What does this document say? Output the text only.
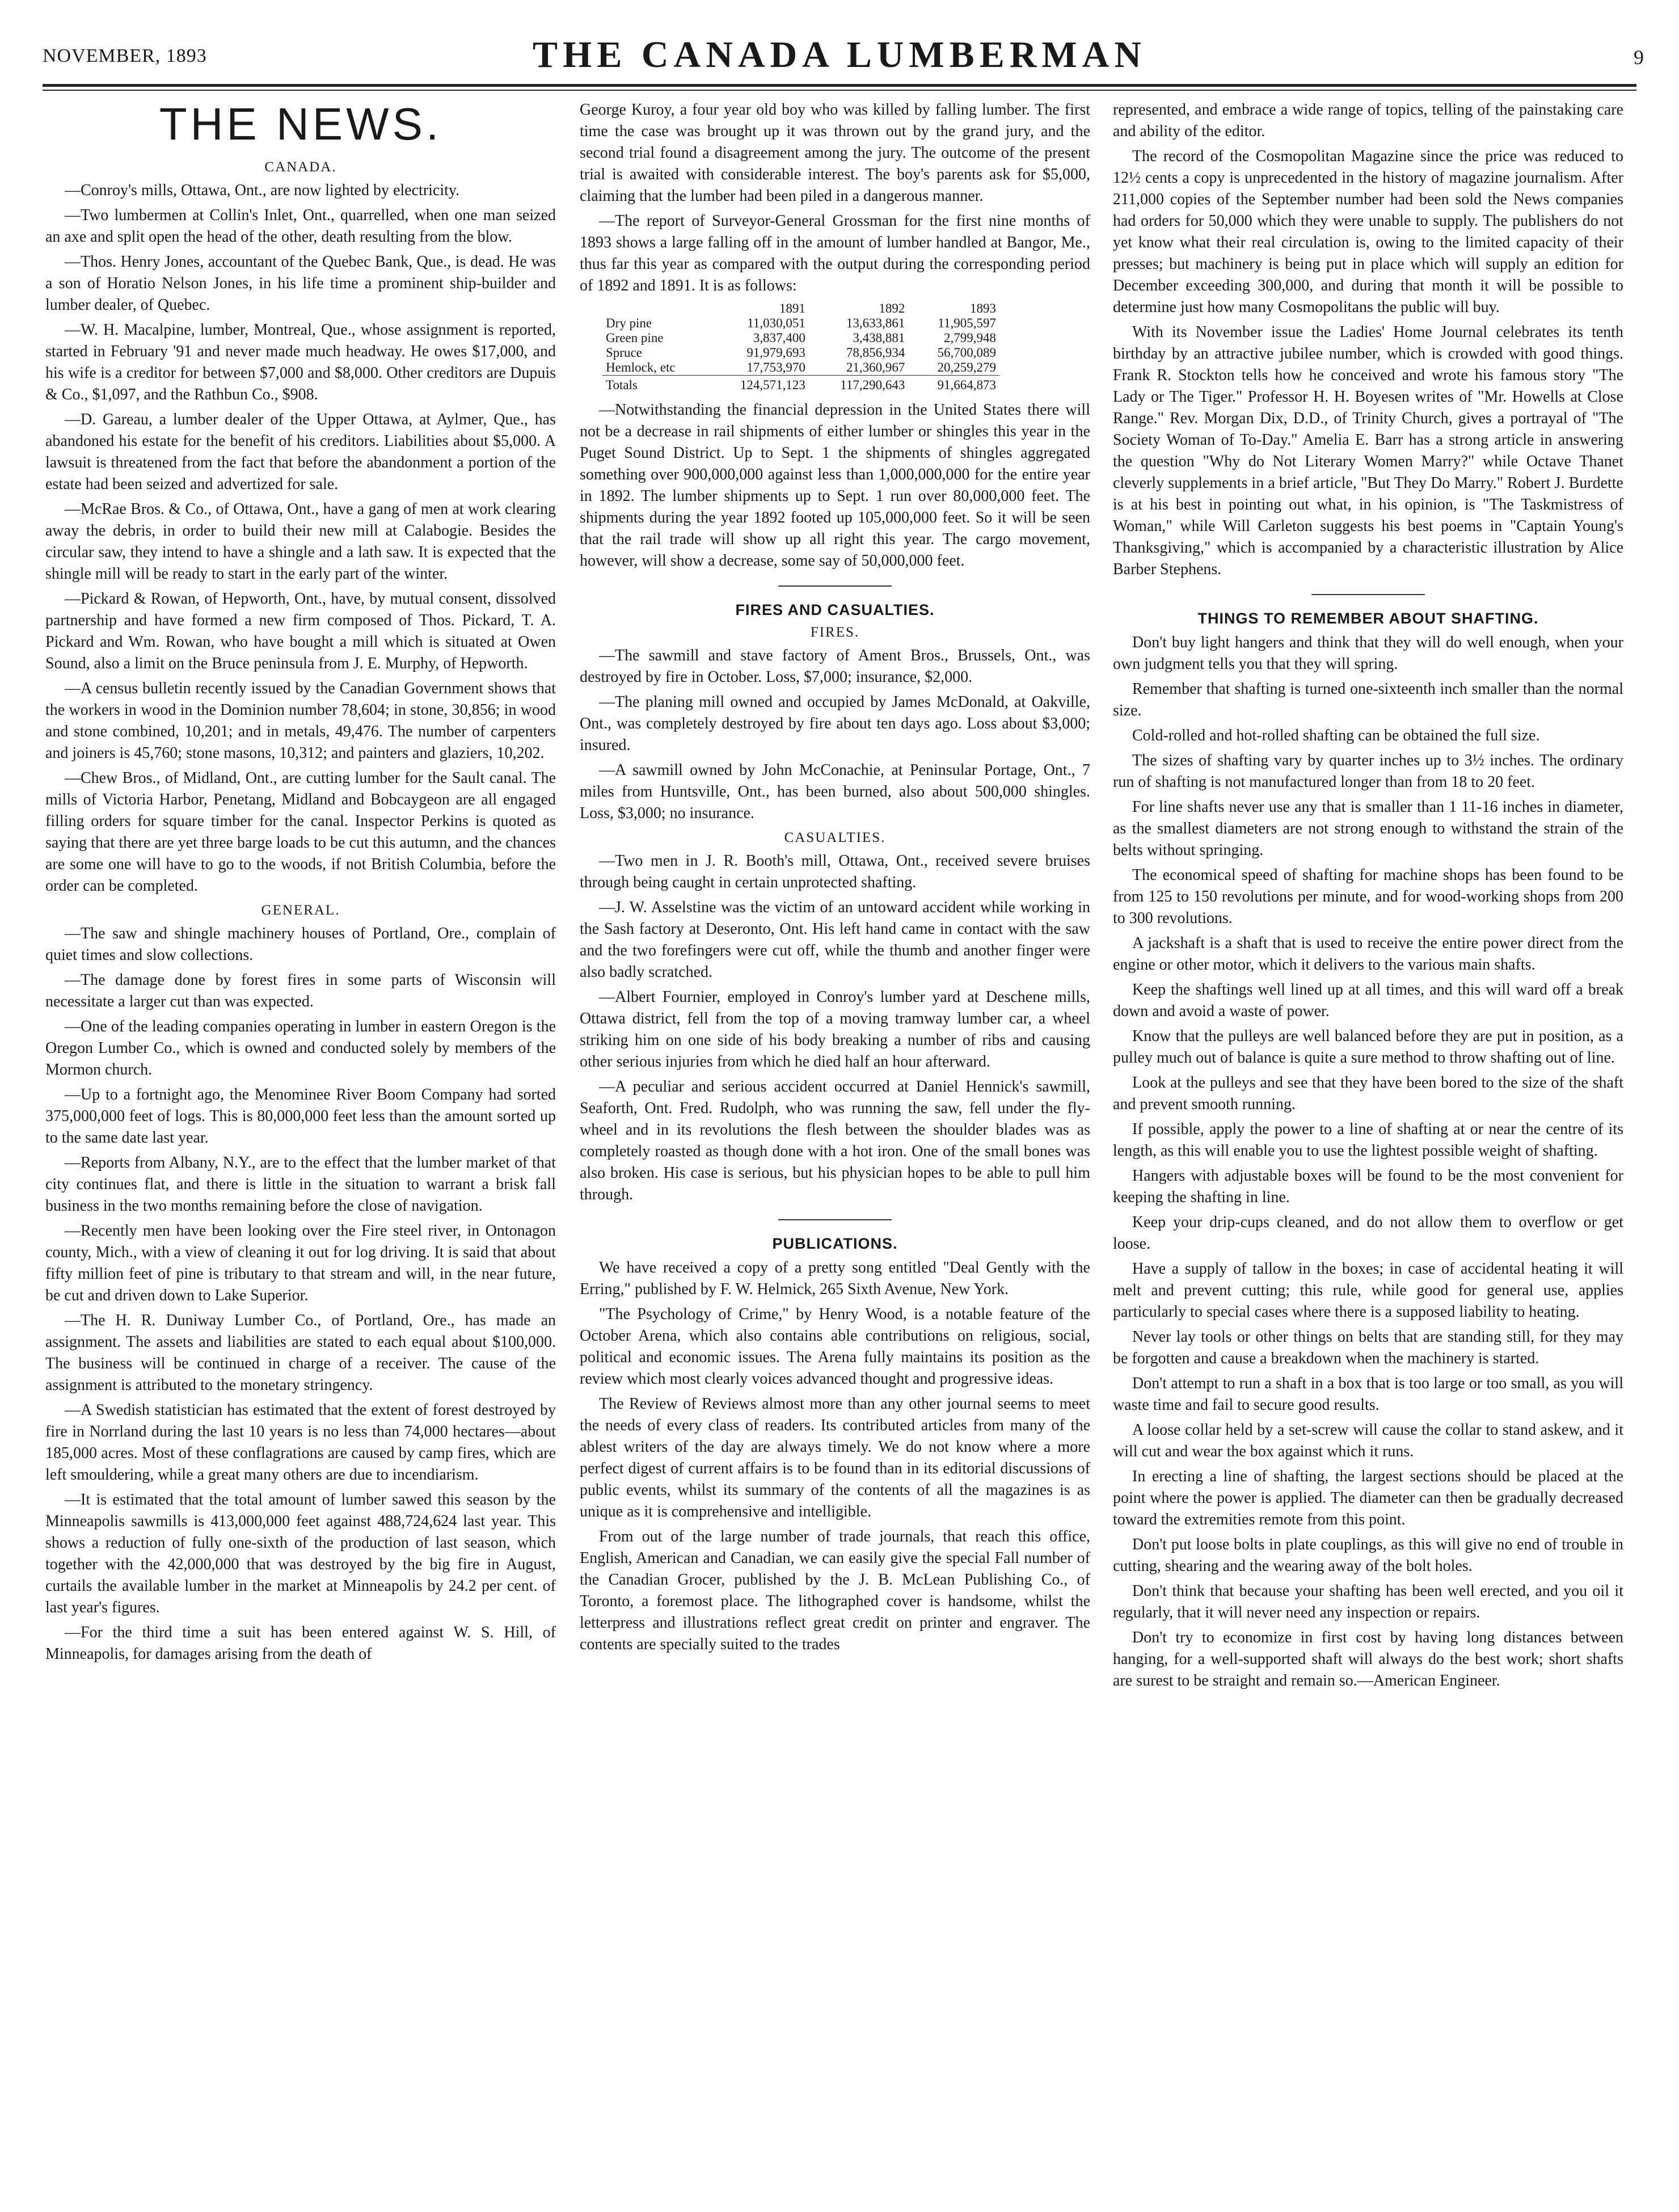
NOVEMBER, 1893	THE CANADA LUMBERMAN	9
THE NEWS.
CANADA.

—Conroy's mills, Ottawa, Ont., are now lighted by electricity.

—Two lumbermen at Collin's Inlet, Ont., quarrelled, when one man seized an axe and split open the head of the other, death resulting from the blow.

—Thos. Henry Jones, accountant of the Quebec Bank, Que., is dead. He was a son of Horatio Nelson Jones, in his life time a prominent ship-builder and lumber dealer, of Quebec.

—W. H. Macalpine, lumber, Montreal, Que., whose assignment is reported, started in February '91 and never made much headway. He owes $17,000, and his wife is a creditor for between $7,000 and $8,000. Other creditors are Dupuis & Co., $1,097, and the Rathbun Co., $908.

—D. Gareau, a lumber dealer of the Upper Ottawa, at Aylmer, Que., has abandoned his estate for the benefit of his creditors. Liabilities about $5,000. A lawsuit is threatened from the fact that before the abandonment a portion of the estate had been seized and advertized for sale.

—McRae Bros. & Co., of Ottawa, Ont., have a gang of men at work clearing away the debris, in order to build their new mill at Calabogie. Besides the circular saw, they intend to have a shingle and a lath saw. It is expected that the shingle mill will be ready to start in the early part of the winter.

—Pickard & Rowan, of Hepworth, Ont., have, by mutual consent, dissolved partnership and have formed a new firm composed of Thos. Pickard, T. A. Pickard and Wm. Rowan, who have bought a mill which is situated at Owen Sound, also a limit on the Bruce peninsula from J. E. Murphy, of Hepworth.

—A census bulletin recently issued by the Canadian Government shows that the workers in wood in the Dominion number 78,604; in stone, 30,856; in wood and stone combined, 10,201; and in metals, 49,476. The number of carpenters and joiners is 45,760; stone masons, 10,312; and painters and glaziers, 10,202.

—Chew Bros., of Midland, Ont., are cutting lumber for the Sault canal. The mills of Victoria Harbor, Penetang, Midland and Bobcaygeon are all engaged filling orders for square timber for the canal. Inspector Perkins is quoted as saying that there are yet three barge loads to be cut this autumn, and the chances are some one will have to go to the woods, if not British Columbia, before the order can be completed.

GENERAL.

—The saw and shingle machinery houses of Portland, Ore., complain of quiet times and slow collections.

—The damage done by forest fires in some parts of Wisconsin will necessitate a larger cut than was expected.

—One of the leading companies operating in lumber in eastern Oregon is the Oregon Lumber Co., which is owned and conducted solely by members of the Mormon church.

—Up to a fortnight ago, the Menominee River Boom Company had sorted 375,000,000 feet of logs. This is 80,000,000 feet less than the amount sorted up to the same date last year.

—Reports from Albany, N.Y., are to the effect that the lumber market of that city continues flat, and there is little in the situation to warrant a brisk fall business in the two months remaining before the close of navigation.

—Recently men have been looking over the Fire steel river, in Ontonagon county, Mich., with a view of cleaning it out for log driving. It is said that about fifty million feet of pine is tributary to that stream and will, in the near future, be cut and driven down to Lake Superior.

—The H. R. Duniway Lumber Co., of Portland, Ore., has made an assignment. The assets and liabilities are stated to each equal about $100,000. The business will be continued in charge of a receiver. The cause of the assignment is attributed to the monetary stringency.

—A Swedish statistician has estimated that the extent of forest destroyed by fire in Norrland during the last 10 years is no less than 74,000 hectares—about 185,000 acres. Most of these conflagrations are caused by camp fires, which are left smouldering, while a great many others are due to incendiarism.

—It is estimated that the total amount of lumber sawed this season by the Minneapolis sawmills is 413,000,000 feet against 488,724,624 last year. This shows a reduction of fully one-sixth of the production of last season, which together with the 42,000,000 that was destroyed by the big fire in August, curtails the available lumber in the market at Minneapolis by 24.2 per cent. of last year's figures.

—For the third time a suit has been entered against W. S. Hill, of Minneapolis, for damages arising from the death of

George Kuroy, a four year old boy who was killed by falling lumber. The first time the case was brought up it was thrown out by the grand jury, and the second trial found a disagreement among the jury. The outcome of the present trial is awaited with considerable interest. The boy's parents ask for $5,000, claiming that the lumber had been piled in a dangerous manner.

—The report of Surveyor-General Grossman for the first nine months of 1893 shows a large falling off in the amount of lumber handled at Bangor, Me., thus far this year as compared with the output during the corresponding period of 1892 and 1891. It is as follows:

	1891	1892	1893
Dry pine	11,030,051	13,633,861	11,905,597
Green pine	3,837,400	3,438,881	2,799,948
Spruce	91,979,693	78,856,934	56,700,089
Hemlock, etc	17,753,970	21,360,967	20,259,279
Totals	124,571,123	117,290,643	91,664,873

—Notwithstanding the financial depression in the United States there will not be a decrease in rail shipments of either lumber or shingles this year in the Puget Sound District. Up to Sept. 1 the shipments of shingles aggregated something over 900,000,000 against less than 1,000,000,000 for the entire year in 1892. The lumber shipments up to Sept. 1 run over 80,000,000 feet. The shipments during the year 1892 footed up 105,000,000 feet. So it will be seen that the rail trade will show up all right this year. The cargo movement, however, will show a decrease, some say of 50,000,000 feet.

FIRES AND CASUALTIES.
FIRES.

—The sawmill and stave factory of Ament Bros., Brussels, Ont., was destroyed by fire in October. Loss, $7,000; insurance, $2,000.

—The planing mill owned and occupied by James McDonald, at Oakville, Ont., was completely destroyed by fire about ten days ago. Loss about $3,000; insured.

—A sawmill owned by John McConachie, at Peninsular Portage, Ont., 7 miles from Huntsville, Ont., has been burned, also about 500,000 shingles. Loss, $3,000; no insurance.

CASUALTIES.

—Two men in J. R. Booth's mill, Ottawa, Ont., received severe bruises through being caught in certain unprotected shafting.

—J. W. Asselstine was the victim of an untoward accident while working in the Sash factory at Deseronto, Ont. His left hand came in contact with the saw and the two forefingers were cut off, while the thumb and another finger were also badly scratched.

—Albert Fournier, employed in Conroy's lumber yard at Deschene mills, Ottawa district, fell from the top of a moving tramway lumber car, a wheel striking him on one side of his body breaking a number of ribs and causing other serious injuries from which he died half an hour afterward.

—A peculiar and serious accident occurred at Daniel Hennick's sawmill, Seaforth, Ont. Fred. Rudolph, who was running the saw, fell under the fly-wheel and in its revolutions the flesh between the shoulder blades was as completely roasted as though done with a hot iron. One of the small bones was also broken. His case is serious, but his physician hopes to be able to pull him through.

PUBLICATIONS.

We have received a copy of a pretty song entitled "Deal Gently with the Erring," published by F. W. Helmick, 265 Sixth Avenue, New York.

"The Psychology of Crime," by Henry Wood, is a notable feature of the October Arena, which also contains able contributions on religious, social, political and economic issues. The Arena fully maintains its position as the review which most clearly voices advanced thought and progressive ideas.

The Review of Reviews almost more than any other journal seems to meet the needs of every class of readers. Its contributed articles from many of the ablest writers of the day are always timely. We do not know where a more perfect digest of current affairs is to be found than in its editorial discussions of public events, whilst its summary of the contents of all the magazines is as unique as it is comprehensive and intelligible.

From out of the large number of trade journals, that reach this office, English, American and Canadian, we can easily give the special Fall number of the Canadian Grocer, published by the J. B. McLean Publishing Co., of Toronto, a foremost place. The lithographed cover is handsome, whilst the letterpress and illustrations reflect great credit on printer and engraver. The contents are specially suited to the trades

represented, and embrace a wide range of topics, telling of the painstaking care and ability of the editor.

The record of the Cosmopolitan Magazine since the price was reduced to 12½ cents a copy is unprecedented in the history of magazine journalism. After 211,000 copies of the September number had been sold the News companies had orders for 50,000 which they were unable to supply. The publishers do not yet know what their real circulation is, owing to the limited capacity of their presses; but machinery is being put in place which will supply an edition for December exceeding 300,000, and during that month it will be possible to determine just how many Cosmopolitans the public will buy.

With its November issue the Ladies' Home Journal celebrates its tenth birthday by an attractive jubilee number, which is crowded with good things. Frank R. Stockton tells how he conceived and wrote his famous story "The Lady or The Tiger." Professor H. H. Boyesen writes of "Mr. Howells at Close Range." Rev. Morgan Dix, D.D., of Trinity Church, gives a portrayal of "The Society Woman of To-Day." Amelia E. Barr has a strong article in answering the question "Why do Not Literary Women Marry?" while Octave Thanet cleverly supplements in a brief article, "But They Do Marry." Robert J. Burdette is at his best in pointing out what, in his opinion, is "The Taskmistress of Woman," while Will Carleton suggests his best poems in "Captain Young's Thanksgiving," which is accompanied by a characteristic illustration by Alice Barber Stephens.

THINGS TO REMEMBER ABOUT SHAFTING.

Don't buy light hangers and think that they will do well enough, when your own judgment tells you that they will spring.

Remember that shafting is turned one-sixteenth inch smaller than the normal size.

Cold-rolled and hot-rolled shafting can be obtained the full size.

The sizes of shafting vary by quarter inches up to 3½ inches. The ordinary run of shafting is not manufactured longer than from 18 to 20 feet.

For line shafts never use any that is smaller than 1 11-16 inches in diameter, as the smallest diameters are not strong enough to withstand the strain of the belts without springing.

The economical speed of shafting for machine shops has been found to be from 125 to 150 revolutions per minute, and for wood-working shops from 200 to 300 revolutions.

A jackshaft is a shaft that is used to receive the entire power direct from the engine or other motor, which it delivers to the various main shafts.

Keep the shaftings well lined up at all times, and this will ward off a break down and avoid a waste of power.

Know that the pulleys are well balanced before they are put in position, as a pulley much out of balance is quite a sure method to throw shafting out of line.

Look at the pulleys and see that they have been bored to the size of the shaft and prevent smooth running.

If possible, apply the power to a line of shafting at or near the centre of its length, as this will enable you to use the lightest possible weight of shafting.

Hangers with adjustable boxes will be found to be the most convenient for keeping the shafting in line.

Keep your drip-cups cleaned, and do not allow them to overflow or get loose.

Have a supply of tallow in the boxes; in case of accidental heating it will melt and prevent cutting; this rule, while good for general use, applies particularly to special cases where there is a supposed liability to heating.

Never lay tools or other things on belts that are standing still, for they may be forgotten and cause a breakdown when the machinery is started.

Don't attempt to run a shaft in a box that is too large or too small, as you will waste time and fail to secure good results.

A loose collar held by a set-screw will cause the collar to stand askew, and it will cut and wear the box against which it runs.

In erecting a line of shafting, the largest sections should be placed at the point where the power is applied. The diameter can then be gradually decreased toward the extremities remote from this point.

Don't put loose bolts in plate couplings, as this will give no end of trouble in cutting, shearing and the wearing away of the bolt holes.

Don't think that because your shafting has been well erected, and you oil it regularly, that it will never need any inspection or repairs.

Don't try to economize in first cost by having long distances between hanging, for a well-supported shaft will always do the best work; short shafts are surest to be straight and remain so.—American Engineer.
